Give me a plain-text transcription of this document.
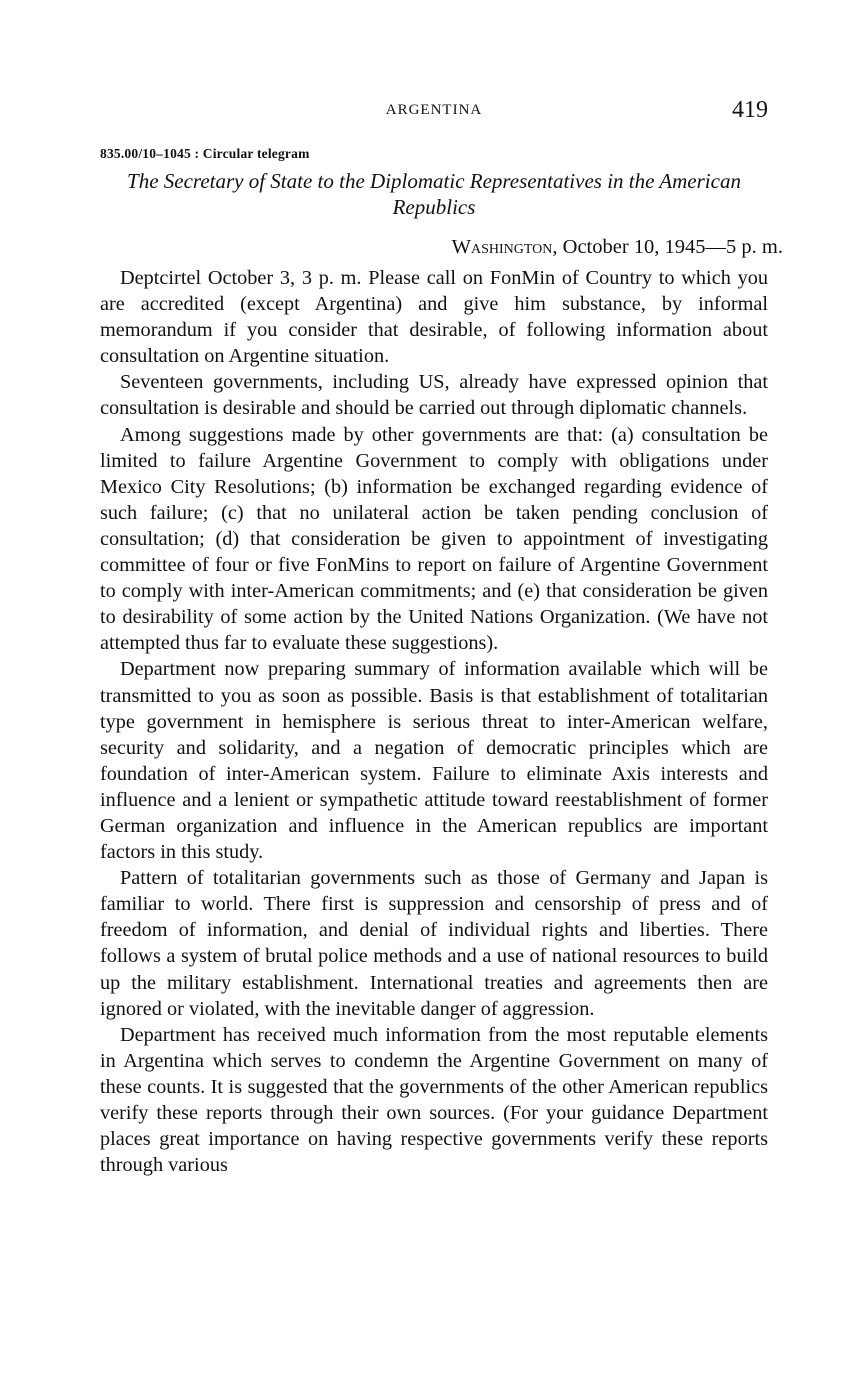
ARGENTINA	419
835.00/10–1045 : Circular telegram
The Secretary of State to the Diplomatic Representatives in the American Republics
Washington, October 10, 1945—5 p. m.

Deptcirtel October 3, 3 p. m. Please call on FonMin of Country to which you are accredited (except Argentina) and give him substance, by informal memorandum if you consider that desirable, of following information about consultation on Argentine situation.

Seventeen governments, including US, already have expressed opinion that consultation is desirable and should be carried out through diplomatic channels.

Among suggestions made by other governments are that: (a) consultation be limited to failure Argentine Government to comply with obligations under Mexico City Resolutions; (b) information be exchanged regarding evidence of such failure; (c) that no unilateral action be taken pending conclusion of consultation; (d) that consideration be given to appointment of investigating committee of four or five FonMins to report on failure of Argentine Government to comply with inter-American commitments; and (e) that consideration be given to desirability of some action by the United Nations Organization. (We have not attempted thus far to evaluate these suggestions).

Department now preparing summary of information available which will be transmitted to you as soon as possible. Basis is that establishment of totalitarian type government in hemisphere is serious threat to inter-American welfare, security and solidarity, and a negation of democratic principles which are foundation of inter-American system. Failure to eliminate Axis interests and influence and a lenient or sympathetic attitude toward reestablishment of former German organization and influence in the American republics are important factors in this study.

Pattern of totalitarian governments such as those of Germany and Japan is familiar to world. There first is suppression and censorship of press and of freedom of information, and denial of individual rights and liberties. There follows a system of brutal police methods and a use of national resources to build up the military establishment. International treaties and agreements then are ignored or violated, with the inevitable danger of aggression.

Department has received much information from the most reputable elements in Argentina which serves to condemn the Argentine Government on many of these counts. It is suggested that the governments of the other American republics verify these reports through their own sources. (For your guidance Department places great importance on having respective governments verify these reports through various
